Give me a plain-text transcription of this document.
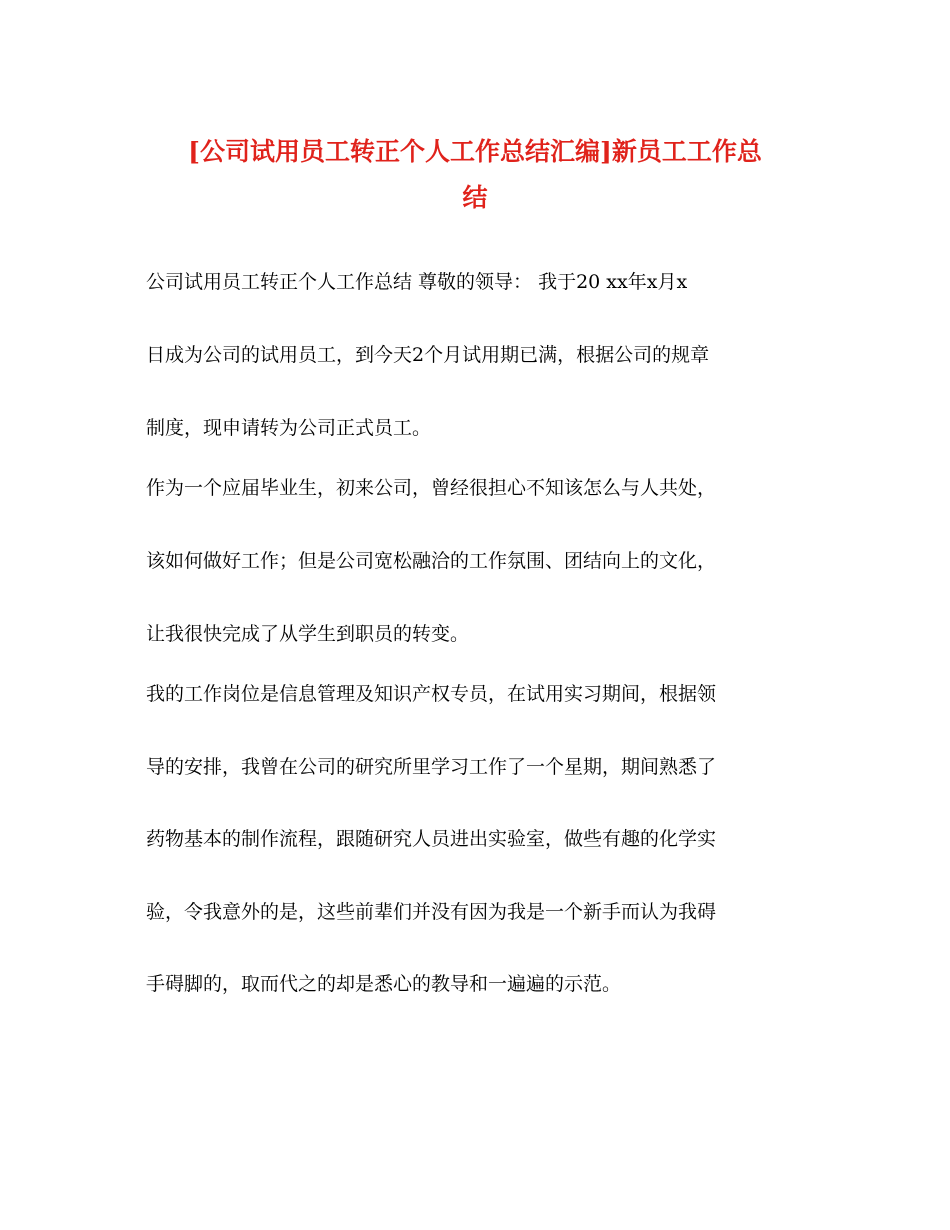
[公司试用员工转正个人工作总结汇编]新员工工作总
结

公司试用员工转正个人工作总结 尊敬的领导： 我于20 xx年x月x

日成为公司的试用员工，到今天2个月试用期已满，根据公司的规章

制度，现申请转为公司正式员工。

作为一个应届毕业生，初来公司，曾经很担心不知该怎么与人共处，

该如何做好工作；但是公司宽松融洽的工作氛围、团结向上的文化，

让我很快完成了从学生到职员的转变。

我的工作岗位是信息管理及知识产权专员，在试用实习期间，根据领

导的安排，我曾在公司的研究所里学习工作了一个星期，期间熟悉了

药物基本的制作流程，跟随研究人员进出实验室，做些有趣的化学实

验，令我意外的是，这些前辈们并没有因为我是一个新手而认为我碍

手碍脚的，取而代之的却是悉心的教导和一遍遍的示范。
